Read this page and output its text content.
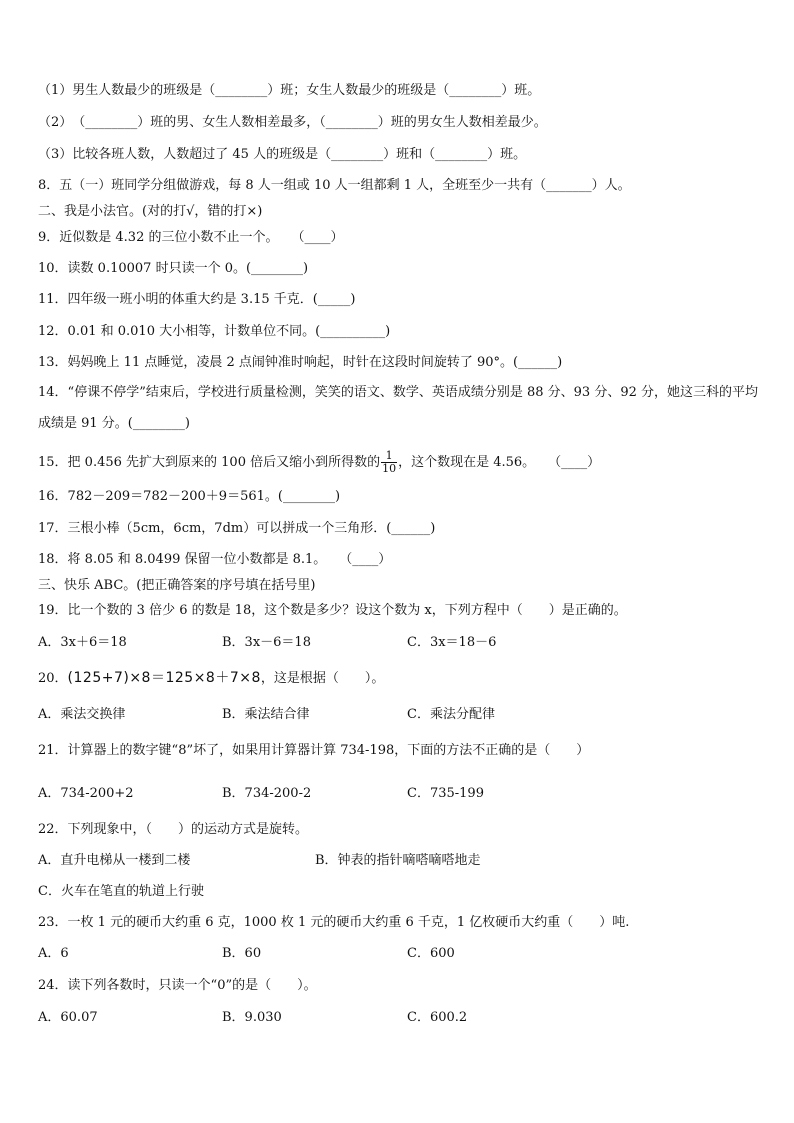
（1）男生人数最少的班级是（________）班；女生人数最少的班级是（________）班。
（2）　（________）班的男、女生人数相差最多，（________）班的男女生人数相差最少。
（3）比较各班人数，人数超过了 45 人的班级是（________）班和（________）班。
8．五（一）班同学分组做游戏，每 8 人一组或 10 人一组都剩 1 人，全班至少一共有（_______）人。
二、我是小法官。(对的打√，错的打×)
9．近似数是 4.32 的三位小数不止一个。　　（____）
10．读数 0.10007 时只读一个 0。(________)
11．四年级一班小明的体重大约是 3.15 千克．(_____)
12．0.01 和 0.010 大小相等，计数单位不同。(__________)
13．妈妈晚上 11 点睡觉，凌晨 2 点闹钟准时响起，时针在这段时间旋转了 90°。(______)
14．“停课不停学”结束后，学校进行质量检测，笑笑的语文、数学、英语成绩分别是 88 分、93 分、92 分，她这三科的平均成绩是 91 分。(________)
15．把 0.456 先扩大到原来的 100 倍后又缩小到所得数的 $\frac{1}{10}$ ，这个数现在是 4.56。　　（____）
16．782－209＝782－200＋9＝561。(________)
17．三根小棒（5cm，6cm，7dm）可以拼成一个三角形．(______)
18．将 8.05 和 8.0499 保留一位小数都是 8.1。　　（____）
三、快乐 ABC。(把正确答案的序号填在括号里)
19．比一个数的 3 倍少 6 的数是 18，这个数是多少？设这个数为 x，下列方程中（　　）是正确的。
A．3x＋6＝18	B．3x－6＝18	C．3x＝18－6
20．(125+7)×8＝125×8＋7×8，这是根据（　　）。
A．乘法交换律	B．乘法结合律	C．乘法分配律
21．计算器上的数字键“8”坏了，如果用计算器计算 734-198，下面的方法不正确的是（　　）
A．734-200+2	B．734-200-2	C．735-199
22．下列现象中，（　　）的运动方式是旋转。
A．直升电梯从一楼到二楼	B．钟表的指针嘀嗒嘀嗒地走
C．火车在笔直的轨道上行驶
23．一枚 1 元的硬币大约重 6 克，1000 枚 1 元的硬币大约重 6 千克，1 亿枚硬币大约重（　　）吨.
A．6	B．60	C．600
24．读下列各数时，只读一个“0”的是（　　）。
A．60.07	B．9.030	C．600.2
